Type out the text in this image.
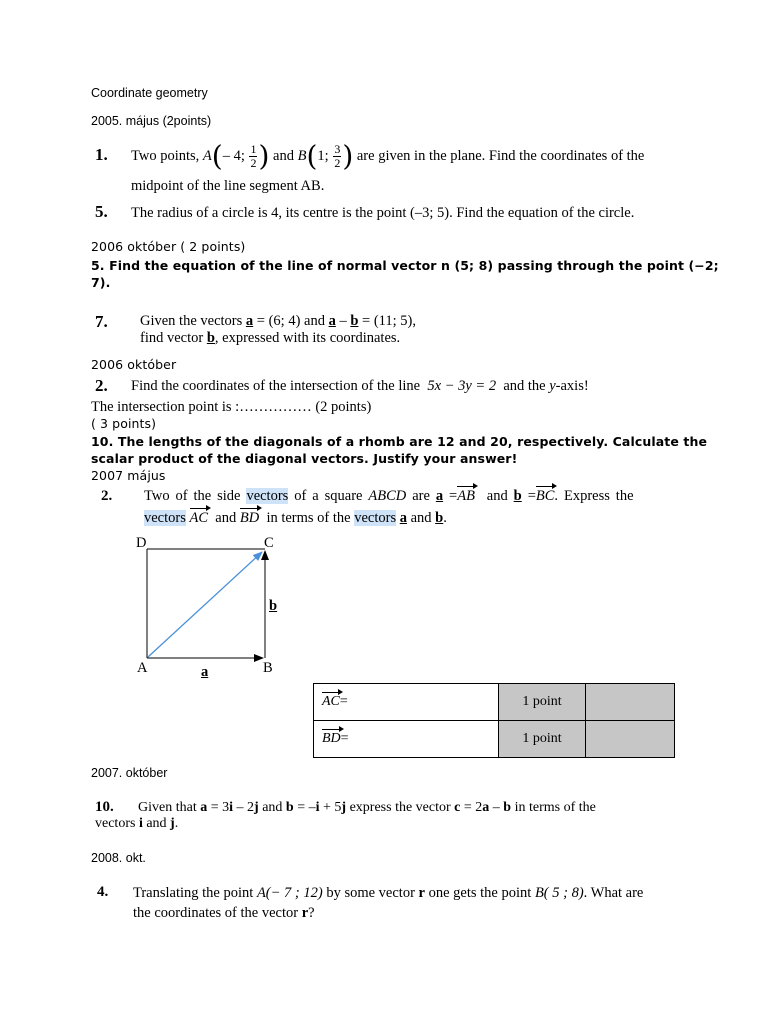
Coordinate geometry
2005. május (2points)
1. Two points, A(– 4; $\frac{1}{2}$ ) and B(1; $\frac{3}{2}$ ) are given in the plane. Find the coordinates of the
midpoint of the line segment AB.
5. The radius of a circle is 4, its centre is the point (–3; 5). Find the equation of the circle.
2006 október ( 2 points)
5. Find the equation of the line of normal vector n (5; 8) passing through the point (−2;
7).
7. Given the vectors a = (6; 4) and a – b = (11; 5),
find vector b, expressed with its coordinates.
2006 október
2. Find the coordinates of the intersection of the line 5x − 3y = 2 and the y-axis!
The intersection point is :…………… (2 points)
( 3 points)
10. The lengths of the diagonals of a rhomb are 12 and 20, respectively. Calculate the
scalar product of the diagonal vectors. Justify your answer!
2007 május
2. Two of the side vectors of a square ABCD are a =AB and b =BC. Express the
vectors AC and BD in terms of the vectors a and b.
D	C
A	B
a
b
AC=	1 point	
BD=	1 point	
2007. október
10. Given that a = 3i – 2j and b = –i + 5j express the vector c = 2a – b in terms of the
vectors i and j.
2008. okt.
4. Translating the point A(− 7 ; 12) by some vector r one gets the point B( 5 ; 8). What are
the coordinates of the vector r?
